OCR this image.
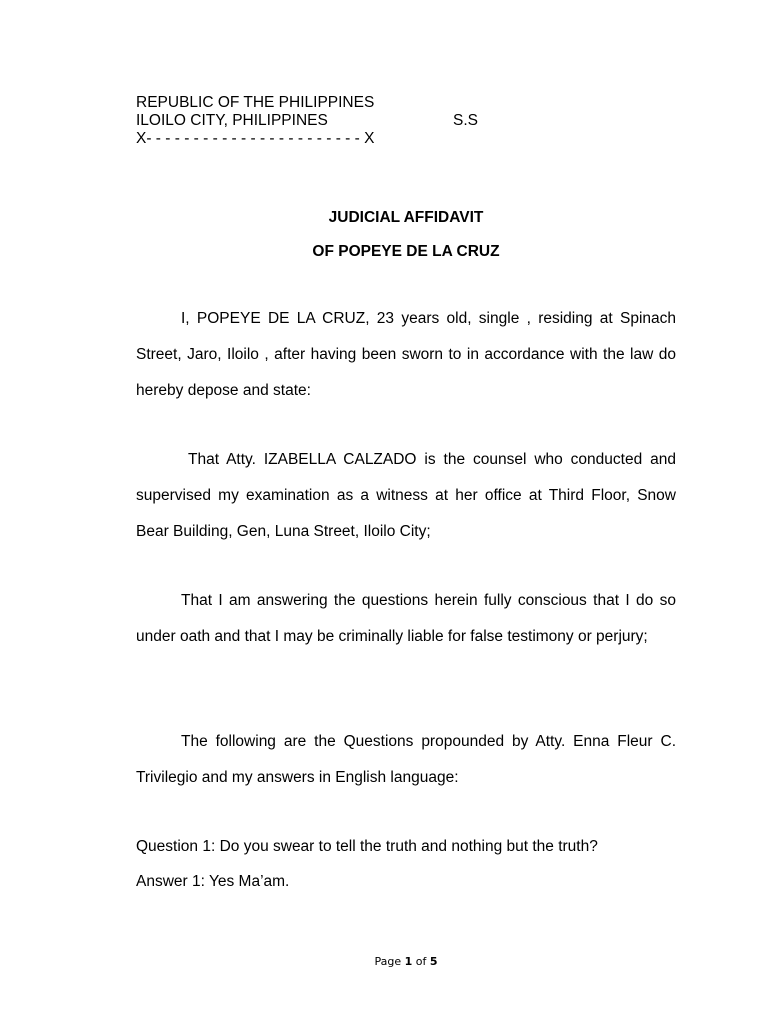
REPUBLIC OF THE PHILIPPINES
ILOILO CITY, PHILIPPINES	S.S
X- - - - - - - - - - - - - - - - - - - - - - - X
JUDICIAL AFFIDAVIT
OF POPEYE DE LA CRUZ

I, POPEYE DE LA CRUZ, 23 years old, single , residing at Spinach Street, Jaro, Iloilo , after having been sworn to in accordance with the law do hereby depose and state:

That Atty. IZABELLA CALZADO is the counsel who conducted and supervised my examination as a witness at her office at Third Floor, Snow Bear Building, Gen, Luna Street, Iloilo City;

That I am answering the questions herein fully conscious that I do so under oath and that I may be criminally liable for false testimony or perjury;

The following are the Questions propounded by Atty. Enna Fleur C. Trivilegio and my answers in English language:

Question 1: Do you swear to tell the truth and nothing but the truth?
Answer 1: Yes Ma’am.
Page 1 of 5
